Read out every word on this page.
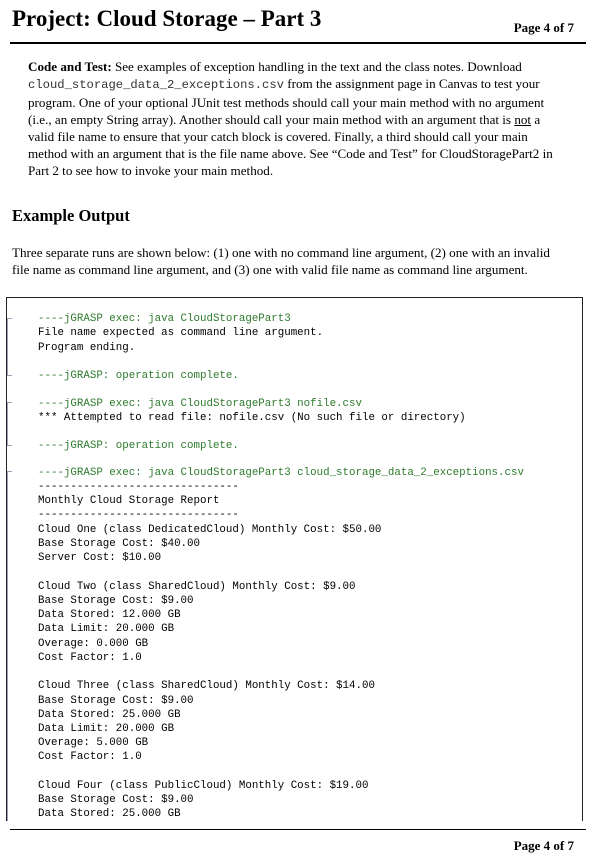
Project: Cloud Storage – Part 3	Page 4 of 7
Code and Test: See examples of exception handling in the text and the class notes. Download cloud_storage_data_2_exceptions.csv from the assignment page in Canvas to test your program. One of your optional JUnit test methods should call your main method with no argument (i.e., an empty String array). Another should call your main method with an argument that is not a valid file name to ensure that your catch block is covered. Finally, a third should call your main method with an argument that is the file name above. See “Code and Test” for CloudStoragePart2 in Part 2 to see how to invoke your main method.
Example Output
Three separate runs are shown below: (1) one with no command line argument, (2) one with an invalid file name as command line argument, and (3) one with valid file name as command line argument.
----jGRASP exec: java CloudStoragePart3
File name expected as command line argument.
Program ending.
----jGRASP: operation complete.
----jGRASP exec: java CloudStoragePart3 nofile.csv
*** Attempted to read file: nofile.csv (No such file or directory)
----jGRASP: operation complete.
----jGRASP exec: java CloudStoragePart3 cloud_storage_data_2_exceptions.csv
-------------------------------
Monthly Cloud Storage Report
-------------------------------
Cloud One (class DedicatedCloud) Monthly Cost: $50.00
Base Storage Cost: $40.00
Server Cost: $10.00
Cloud Two (class SharedCloud) Monthly Cost: $9.00
Base Storage Cost: $9.00
Data Stored: 12.000 GB
Data Limit: 20.000 GB
Overage: 0.000 GB
Cost Factor: 1.0
Cloud Three (class SharedCloud) Monthly Cost: $14.00
Base Storage Cost: $9.00
Data Stored: 25.000 GB
Data Limit: 20.000 GB
Overage: 5.000 GB
Cost Factor: 1.0
Cloud Four (class PublicCloud) Monthly Cost: $19.00
Base Storage Cost: $9.00
Data Stored: 25.000 GB
Page 4 of 7
